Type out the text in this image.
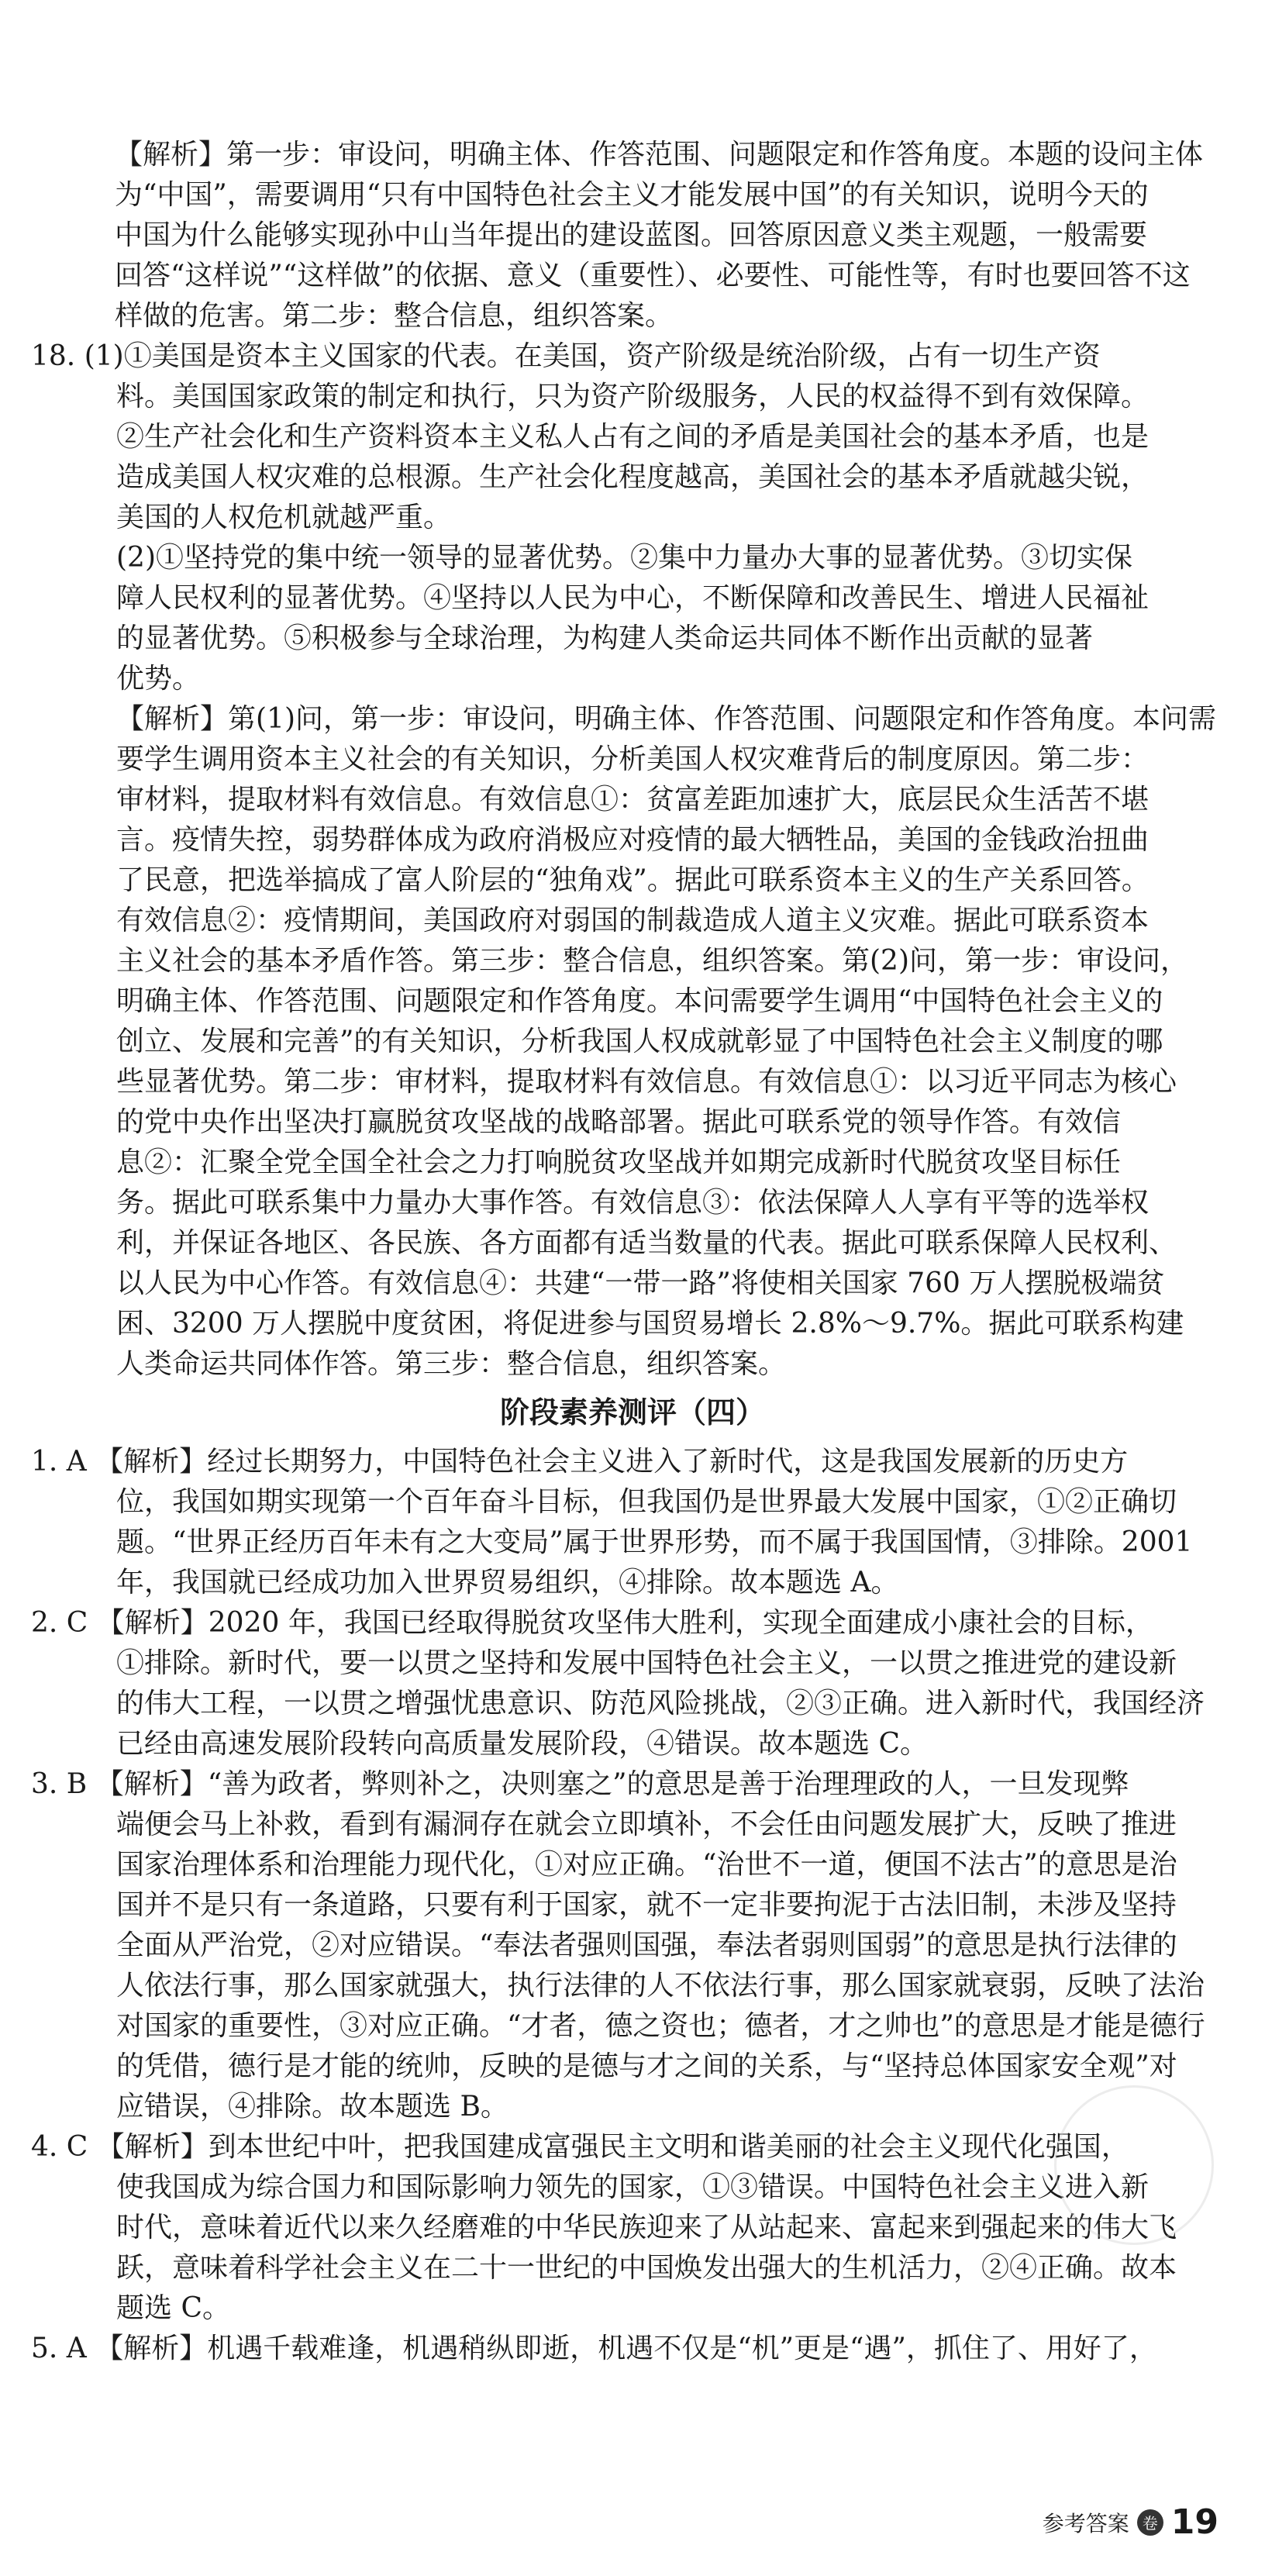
【解析】第一步：审设问，明确主体、作答范围、问题限定和作答角度。本题的设问主体
为“中国”，需要调用“只有中国特色社会主义才能发展中国”的有关知识，说明今天的
中国为什么能够实现孙中山当年提出的建设蓝图。回答原因意义类主观题，一般需要
回答“这样说”“这样做”的依据、意义（重要性）、必要性、可能性等，有时也要回答不这
样做的危害。第二步：整合信息，组织答案。
18. (1)①美国是资本主义国家的代表。在美国，资产阶级是统治阶级，占有一切生产资
料。美国国家政策的制定和执行，只为资产阶级服务，人民的权益得不到有效保障。
②生产社会化和生产资料资本主义私人占有之间的矛盾是美国社会的基本矛盾，也是
造成美国人权灾难的总根源。生产社会化程度越高，美国社会的基本矛盾就越尖锐，
美国的人权危机就越严重。
(2)①坚持党的集中统一领导的显著优势。②集中力量办大事的显著优势。③切实保
障人民权利的显著优势。④坚持以人民为中心，不断保障和改善民生、增进人民福祉
的显著优势。⑤积极参与全球治理，为构建人类命运共同体不断作出贡献的显著
优势。
【解析】第(1)问，第一步：审设问，明确主体、作答范围、问题限定和作答角度。本问需
要学生调用资本主义社会的有关知识，分析美国人权灾难背后的制度原因。第二步：
审材料，提取材料有效信息。有效信息①：贫富差距加速扩大，底层民众生活苦不堪
言。疫情失控，弱势群体成为政府消极应对疫情的最大牺牲品，美国的金钱政治扭曲
了民意，把选举搞成了富人阶层的“独角戏”。据此可联系资本主义的生产关系回答。
有效信息②：疫情期间，美国政府对弱国的制裁造成人道主义灾难。据此可联系资本
主义社会的基本矛盾作答。第三步：整合信息，组织答案。第(2)问，第一步：审设问，
明确主体、作答范围、问题限定和作答角度。本问需要学生调用“中国特色社会主义的
创立、发展和完善”的有关知识，分析我国人权成就彰显了中国特色社会主义制度的哪
些显著优势。第二步：审材料，提取材料有效信息。有效信息①：以习近平同志为核心
的党中央作出坚决打赢脱贫攻坚战的战略部署。据此可联系党的领导作答。有效信
息②：汇聚全党全国全社会之力打响脱贫攻坚战并如期完成新时代脱贫攻坚目标任
务。据此可联系集中力量办大事作答。有效信息③：依法保障人人享有平等的选举权
利，并保证各地区、各民族、各方面都有适当数量的代表。据此可联系保障人民权利、
以人民为中心作答。有效信息④：共建“一带一路”将使相关国家 760 万人摆脱极端贫
困、3200 万人摆脱中度贫困，将促进参与国贸易增长 2.8%～9.7%。据此可联系构建
人类命运共同体作答。第三步：整合信息，组织答案。
阶段素养测评（四）
1. A 【解析】经过长期努力，中国特色社会主义进入了新时代，这是我国发展新的历史方
位，我国如期实现第一个百年奋斗目标，但我国仍是世界最大发展中国家，①②正确切
题。“世界正经历百年未有之大变局”属于世界形势，而不属于我国国情，③排除。2001
年，我国就已经成功加入世界贸易组织，④排除。故本题选 A。
2. C 【解析】2020 年，我国已经取得脱贫攻坚伟大胜利，实现全面建成小康社会的目标，
①排除。新时代，要一以贯之坚持和发展中国特色社会主义，一以贯之推进党的建设新
的伟大工程，一以贯之增强忧患意识、防范风险挑战，②③正确。进入新时代，我国经济
已经由高速发展阶段转向高质量发展阶段，④错误。故本题选 C。
3. B 【解析】“善为政者，弊则补之，决则塞之”的意思是善于治理理政的人，一旦发现弊
端便会马上补救，看到有漏洞存在就会立即填补，不会任由问题发展扩大，反映了推进
国家治理体系和治理能力现代化，①对应正确。“治世不一道，便国不法古”的意思是治
国并不是只有一条道路，只要有利于国家，就不一定非要拘泥于古法旧制，未涉及坚持
全面从严治党，②对应错误。“奉法者强则国强，奉法者弱则国弱”的意思是执行法律的
人依法行事，那么国家就强大，执行法律的人不依法行事，那么国家就衰弱，反映了法治
对国家的重要性，③对应正确。“才者，德之资也；德者，才之帅也”的意思是才能是德行
的凭借，德行是才能的统帅，反映的是德与才之间的关系，与“坚持总体国家安全观”对
应错误，④排除。故本题选 B。
4. C 【解析】到本世纪中叶，把我国建成富强民主文明和谐美丽的社会主义现代化强国，
使我国成为综合国力和国际影响力领先的国家，①③错误。中国特色社会主义进入新
时代，意味着近代以来久经磨难的中华民族迎来了从站起来、富起来到强起来的伟大飞
跃，意味着科学社会主义在二十一世纪的中国焕发出强大的生机活力，②④正确。故本
题选 C。
5. A 【解析】机遇千载难逢，机遇稍纵即逝，机遇不仅是“机”更是“遇”，抓住了、用好了，
参考答案 卷 19
